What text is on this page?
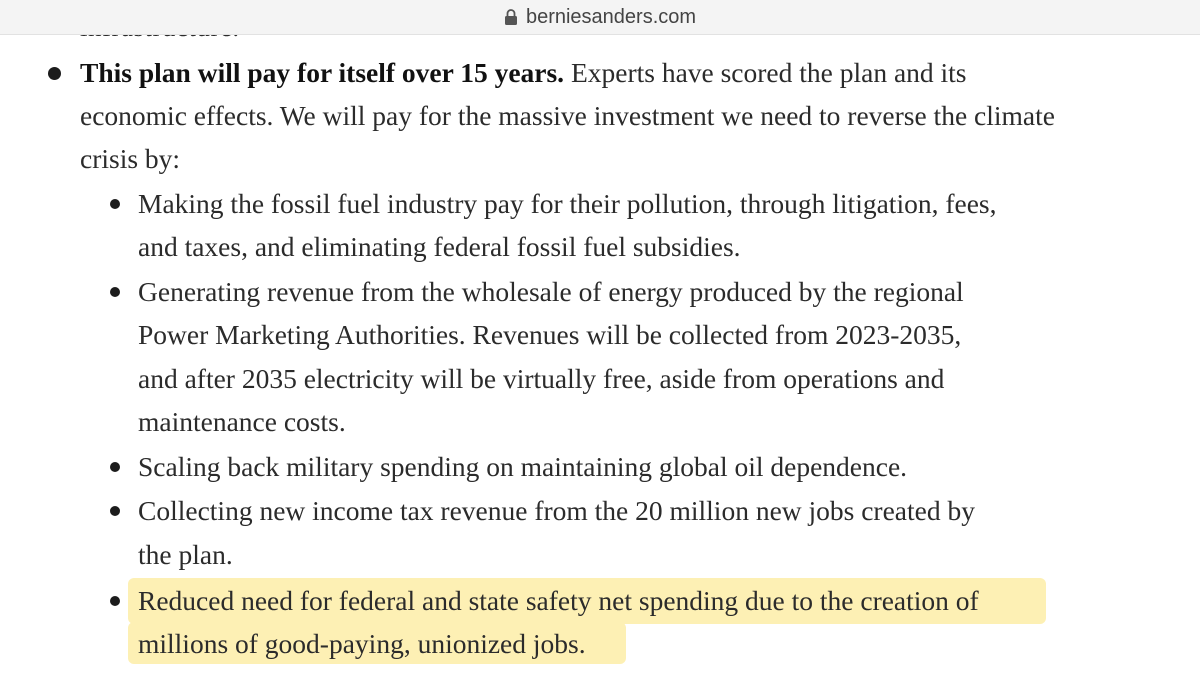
berniesanders.com
This plan will pay for itself over 15 years. Experts have scored the plan and its
economic effects. We will pay for the massive investment we need to reverse the climate
crisis by:
Making the fossil fuel industry pay for their pollution, through litigation, fees,
and taxes, and eliminating federal fossil fuel subsidies.
Generating revenue from the wholesale of energy produced by the regional
Power Marketing Authorities. Revenues will be collected from 2023-2035,
and after 2035 electricity will be virtually free, aside from operations and
maintenance costs.
Scaling back military spending on maintaining global oil dependence.
Collecting new income tax revenue from the 20 million new jobs created by
the plan.
Reduced need for federal and state safety net spending due to the creation of
millions of good-paying, unionized jobs.
